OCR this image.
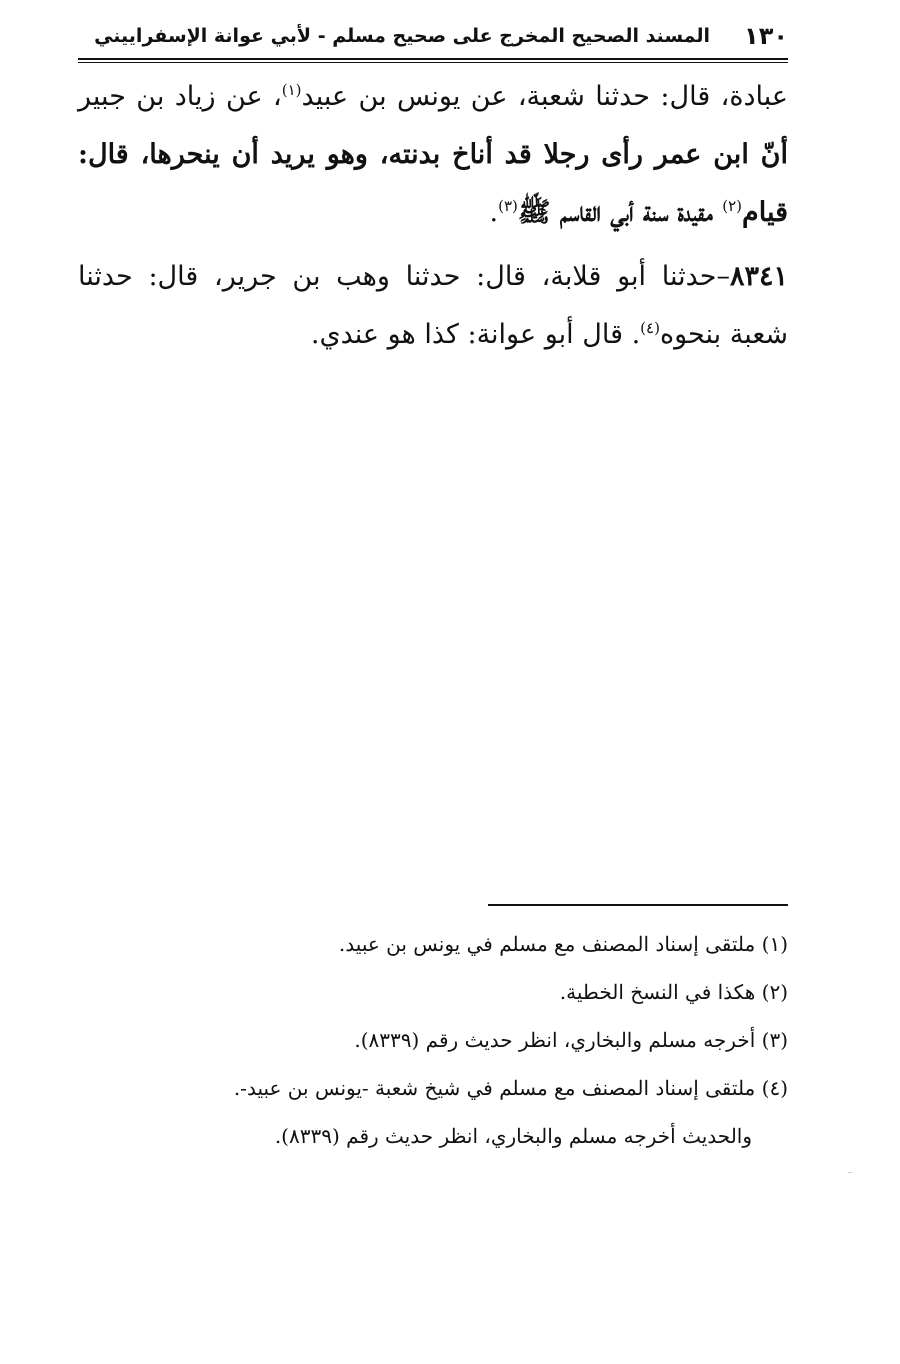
١٣٠
المسند الصحيح المخرج على صحيح مسلم - لأبي عوانة الإسفراييني

عبادة، قال: حدثنا شعبة، عن يونس بن عبيد$^{(١)}$، عن زياد بن جبير أنّ ابن عمر رأى رجلا قد أناخ بدنته، وهو يريد أن ينحرها، قال: قيام$^{(٢)}$ مقيدة سنة أبي القاسم ﷺ$^{(٣)}$.

٨٣٤١–حدثنا أبو قلابة، قال: حدثنا وهب بن جرير، قال: حدثنا شعبة بنحوه$^{(٤)}$. قال أبو عوانة: كذا هو عندي.

(١) ملتقى إسناد المصنف مع مسلم في يونس بن عبيد.

(٢) هكذا في النسخ الخطية.

(٣) أخرجه مسلم والبخاري، انظر حديث رقم (٨٣٣٩).

(٤) ملتقى إسناد المصنف مع مسلم في شيخ شعبة -يونس بن عبيد-.

والحديث أخرجه مسلم والبخاري، انظر حديث رقم (٨٣٣٩).
